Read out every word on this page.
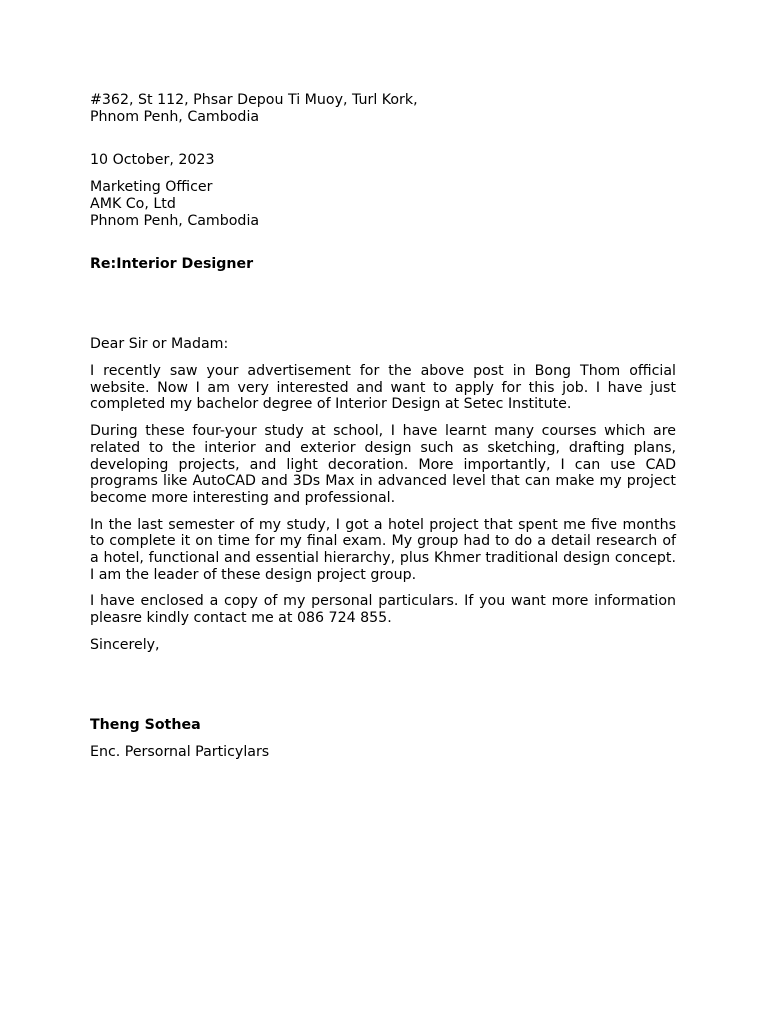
#362, St 112, Phsar Depou Ti Muoy, Turl Kork,
Phnom Penh, Cambodia
10 October, 2023
Marketing Officer
AMK Co, Ltd
Phnom Penh, Cambodia
Re:Interior Designer
Dear Sir or Madam:

I recently saw your advertisement for the above post in Bong Thom official website. Now I am very interested and want to apply for this job. I have just completed my bachelor degree of Interior Design at Setec Institute.

During these four-your study at school, I have learnt many courses which are related to the interior and exterior design such as sketching, drafting plans, developing projects, and light decoration. More importantly, I can use CAD programs like AutoCAD and 3Ds Max in advanced level that can make my project become more interesting and professional.

In the last semester of my study, I got a hotel project that spent me five months to complete it on time for my final exam. My group had to do a detail research of a hotel, functional and essential hierarchy, plus Khmer traditional design concept. I am the leader of these design project group.

I have enclosed a copy of my personal particulars. If you want more information pleasre kindly contact me at 086 724 855.

Sincerely,
Theng Sothea
Enc. Persornal Particylars
